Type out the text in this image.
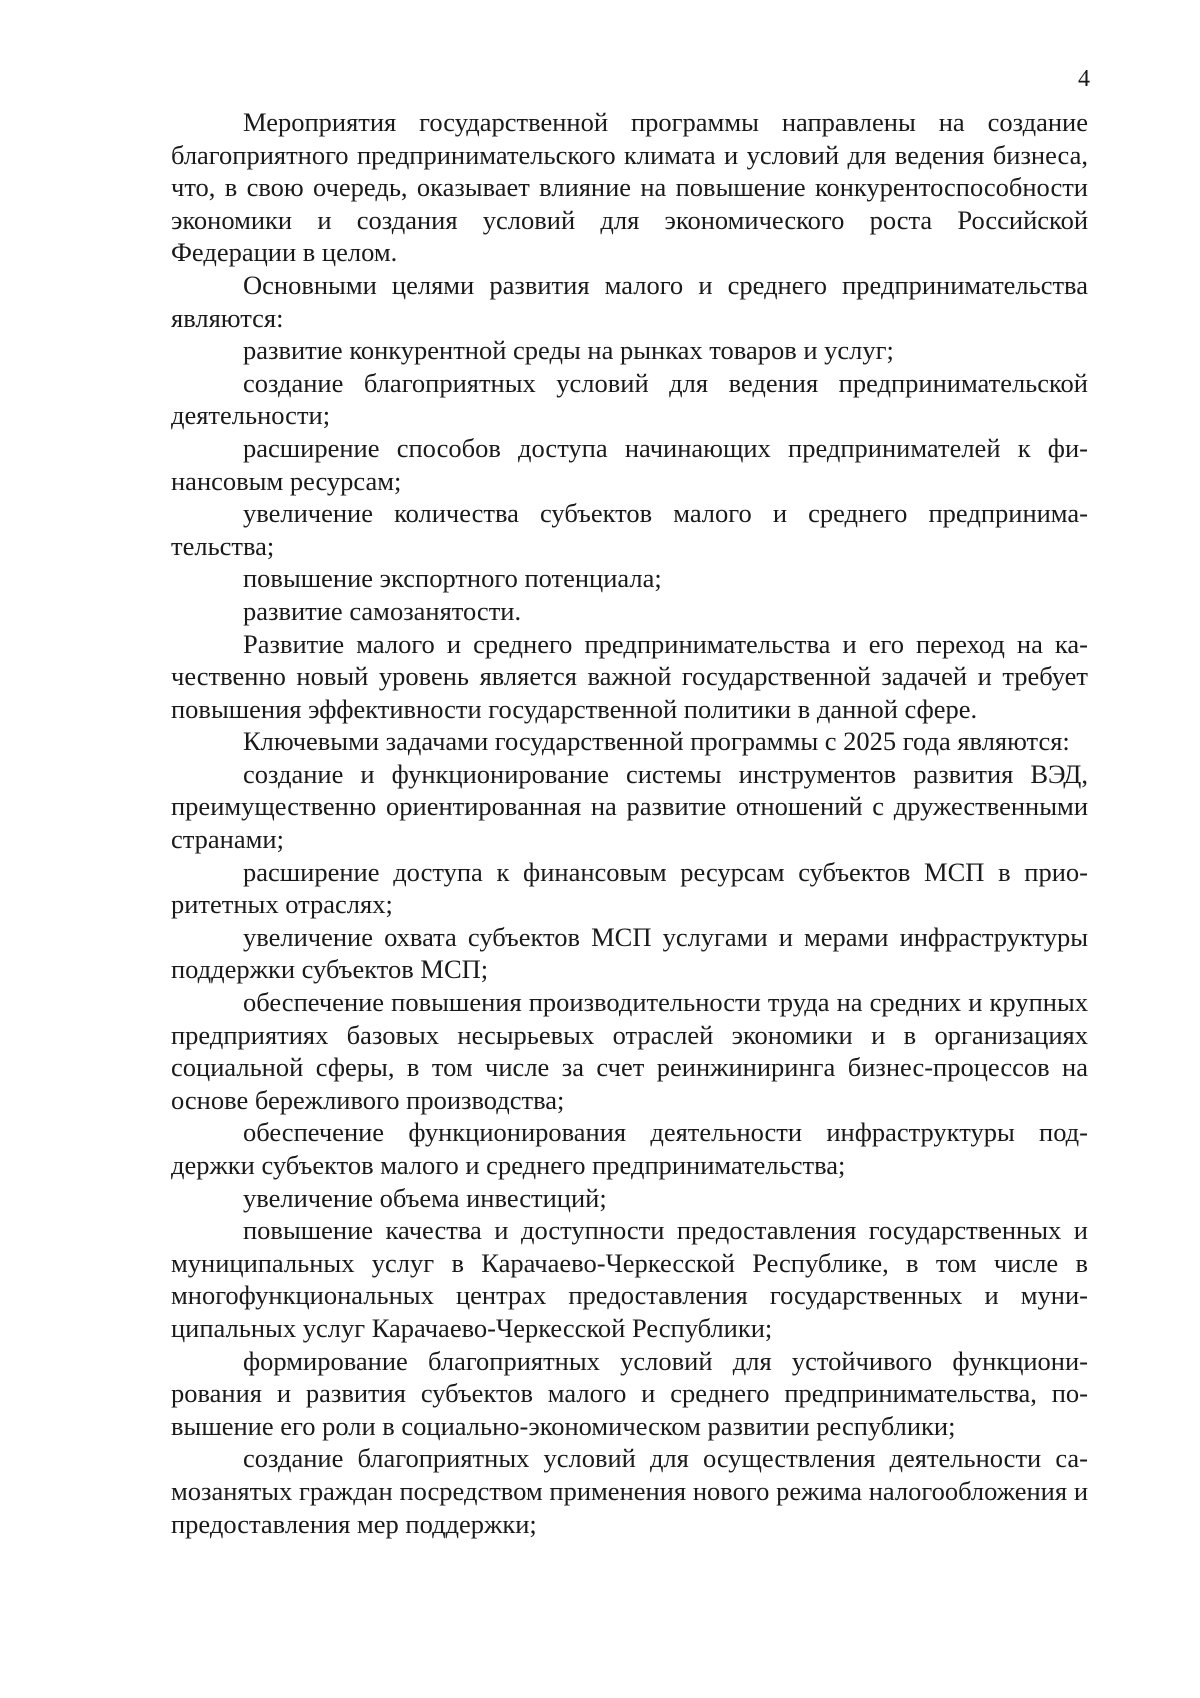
4

Мероприятия государственной программы направлены на создание благоприятного предпринимательского климата и условий для ведения бизнеса, что, в свою очередь, оказывает влияние на повышение конкурентоспособности экономики и создания условий для экономического роста Российской Федерации в целом.

Основными целями развития малого и среднего предпринимательства являются:

развитие конкурентной среды на рынках товаров и услуг;

создание благоприятных условий для ведения предпринимательской деятельности;

расширение способов доступа начинающих предпринимателей к финансовым ресурсам;

увеличение количества субъектов малого и среднего предпринимательства;

повышение экспортного потенциала;

развитие самозанятости.

Развитие малого и среднего предпринимательства и его переход на качественно новый уровень является важной государственной задачей и требует повышения эффективности государственной политики в данной сфере.

Ключевыми задачами государственной программы с 2025 года являются:

создание и функционирование системы инструментов развития ВЭД, преимущественно ориентированная на развитие отношений с дружественными странами;

расширение доступа к финансовым ресурсам субъектов МСП в приоритетных отраслях;

увеличение охвата субъектов МСП услугами и мерами инфраструктуры поддержки субъектов МСП;

обеспечение повышения производительности труда на средних и крупных предприятиях базовых несырьевых отраслей экономики и в организациях социальной сферы, в том числе за счет реинжиниринга бизнес-процессов на основе бережливого производства;

обеспечение функционирования деятельности инфраструктуры поддержки субъектов малого и среднего предпринимательства;

увеличение объема инвестиций;

повышение качества и доступности предоставления государственных и муниципальных услуг в Карачаево-Черкесской Республике, в том числе в многофункциональных центрах предоставления государственных и муниципальных услуг Карачаево-Черкесской Республики;

формирование благоприятных условий для устойчивого функционирования и развития субъектов малого и среднего предпринимательства, повышение его роли в социально-экономическом развитии республики;

создание благоприятных условий для осуществления деятельности самозанятых граждан посредством применения нового режима налогообложения и предоставления мер поддержки;
